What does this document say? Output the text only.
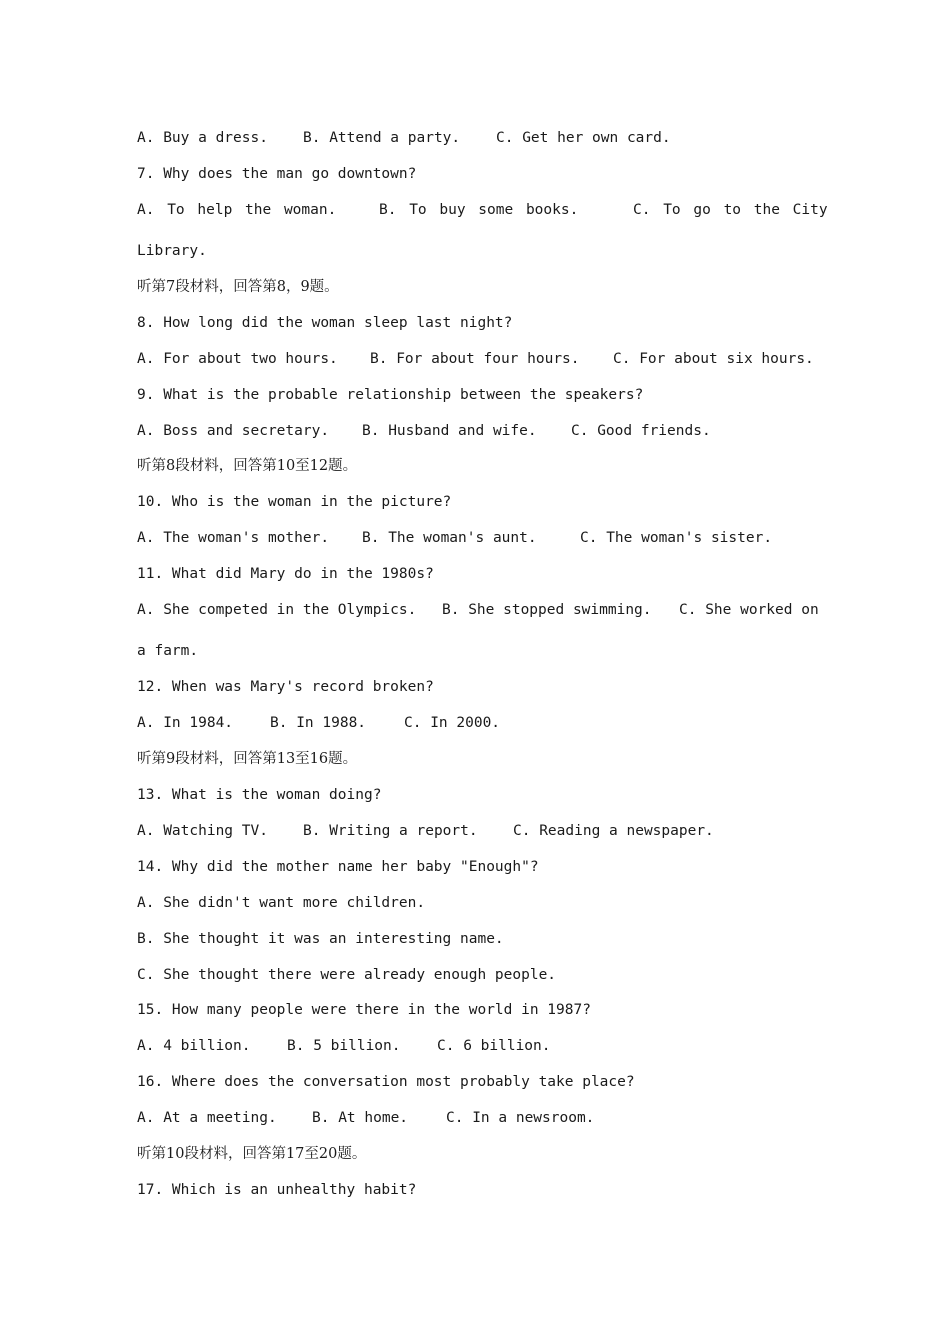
A. Buy a dress. B. Attend a party. C. Get her own card.
7. Why does the man go downtown?
A. To help the woman.	B. To buy some books.	C. To go to the City
Library.
听第7段材料，回答第8，9题。
8. How long did the woman sleep last night?
A. For about two hours. B. For about four hours. C. For about six hours.
9. What is the probable relationship between the speakers?
A. Boss and secretary. B. Husband and wife. C. Good friends.
听第8段材料，回答第10至12题。
10. Who is the woman in the picture?
A. The woman's mother. B. The woman's aunt.	C. The woman's sister.
11. What did Mary do in the 1980s?
A. She competed in the Olympics. B. She stopped swimming. C. She worked on
a farm.
12. When was Mary's record broken?
A. In 1984.	B. In 1988.	C. In 2000.
听第9段材料，回答第13至16题。
13. What is the woman doing?
A. Watching TV. B. Writing a report. C. Reading a newspaper.
14. Why did the mother name her baby "Enough"?
A. She didn't want more children.
B. She thought it was an interesting name.
C. She thought there were already enough people.
15. How many people were there in the world in 1987?
A. 4 billion.	B. 5 billion.	C. 6 billion.
16. Where does the conversation most probably take place?
A. At a meeting. B. At home.	C. In a newsroom.
听第10段材料，回答第17至20题。
17. Which is an unhealthy habit?
